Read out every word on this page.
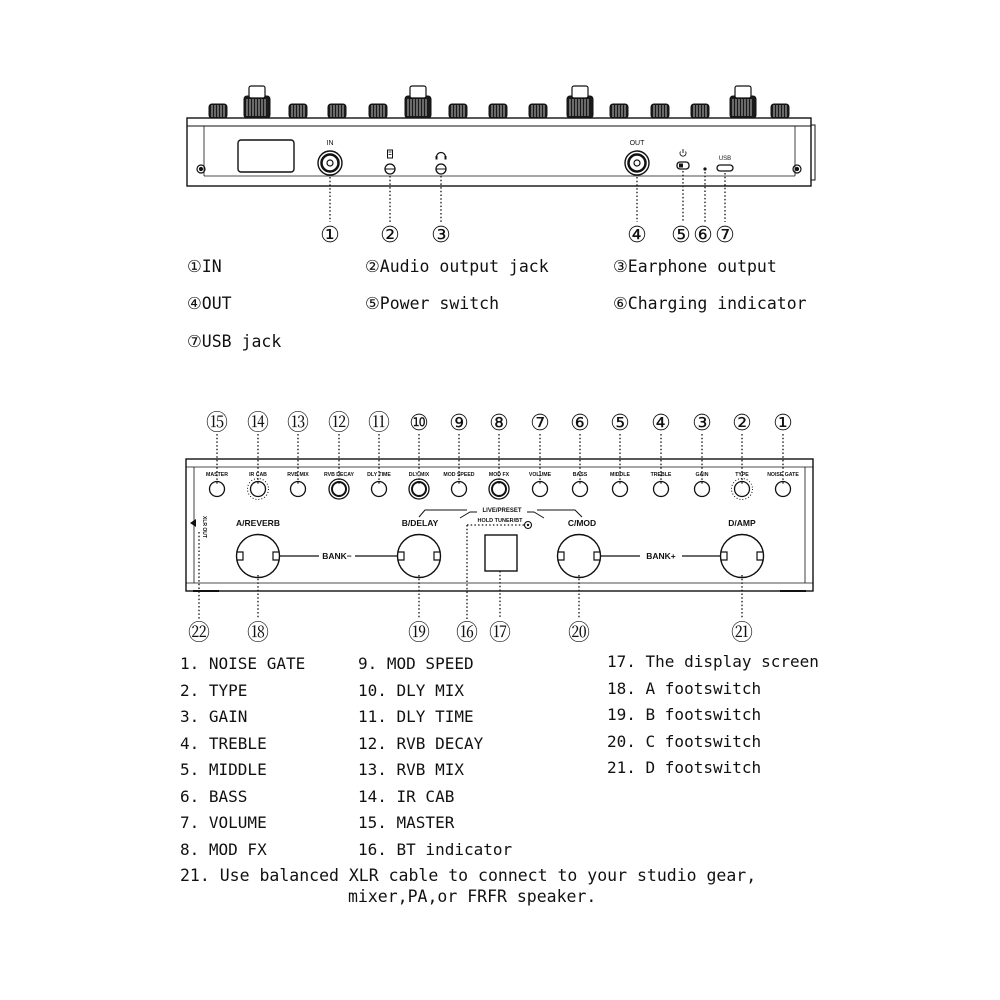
IN	OUT
USB
① ② ③	④ ⑤ ⑥ ⑦
BANK−	BANK+
LIVE/PRESET
HOLD TUNER/BT
XLR OUT
MASTER	IR CAB	RVB MIX	RVB DECAY	DLY TIME	DLY MIX	MOD SPEED	MOD FX	VOLUME	BASS	MIDDLE	TREBLE	GAIN	TYPE	NOISE GATE
⑮ ⑭ ⑬ ⑫ ⑪ ⑩ ⑨ ⑧ ⑦ ⑥ ⑤ ④ ③ ② ①
A/REVERB	B/DELAY	C/MOD	D/AMP
㉒ ⑱	⑲ ⑯ ⑰	⑳	㉑
①IN	②Audio output jack	③Earphone output
④OUT	⑤Power switch	⑥Charging indicator
⑦USB jack
21. Use balanced XLR cable to connect to your studio gear,
mixer,PA,or FRFR speaker.
1. NOISE GATE
2. TYPE
3. GAIN
4. TREBLE
5. MIDDLE
6. BASS
7. VOLUME
8. MOD FX
9. MOD SPEED
10. DLY MIX
11. DLY TIME
12. RVB DECAY
13. RVB MIX
14. IR CAB
15. MASTER
16. BT indicator
17. The display screen
18. A footswitch
19. B footswitch
20. C footswitch
21. D footswitch
